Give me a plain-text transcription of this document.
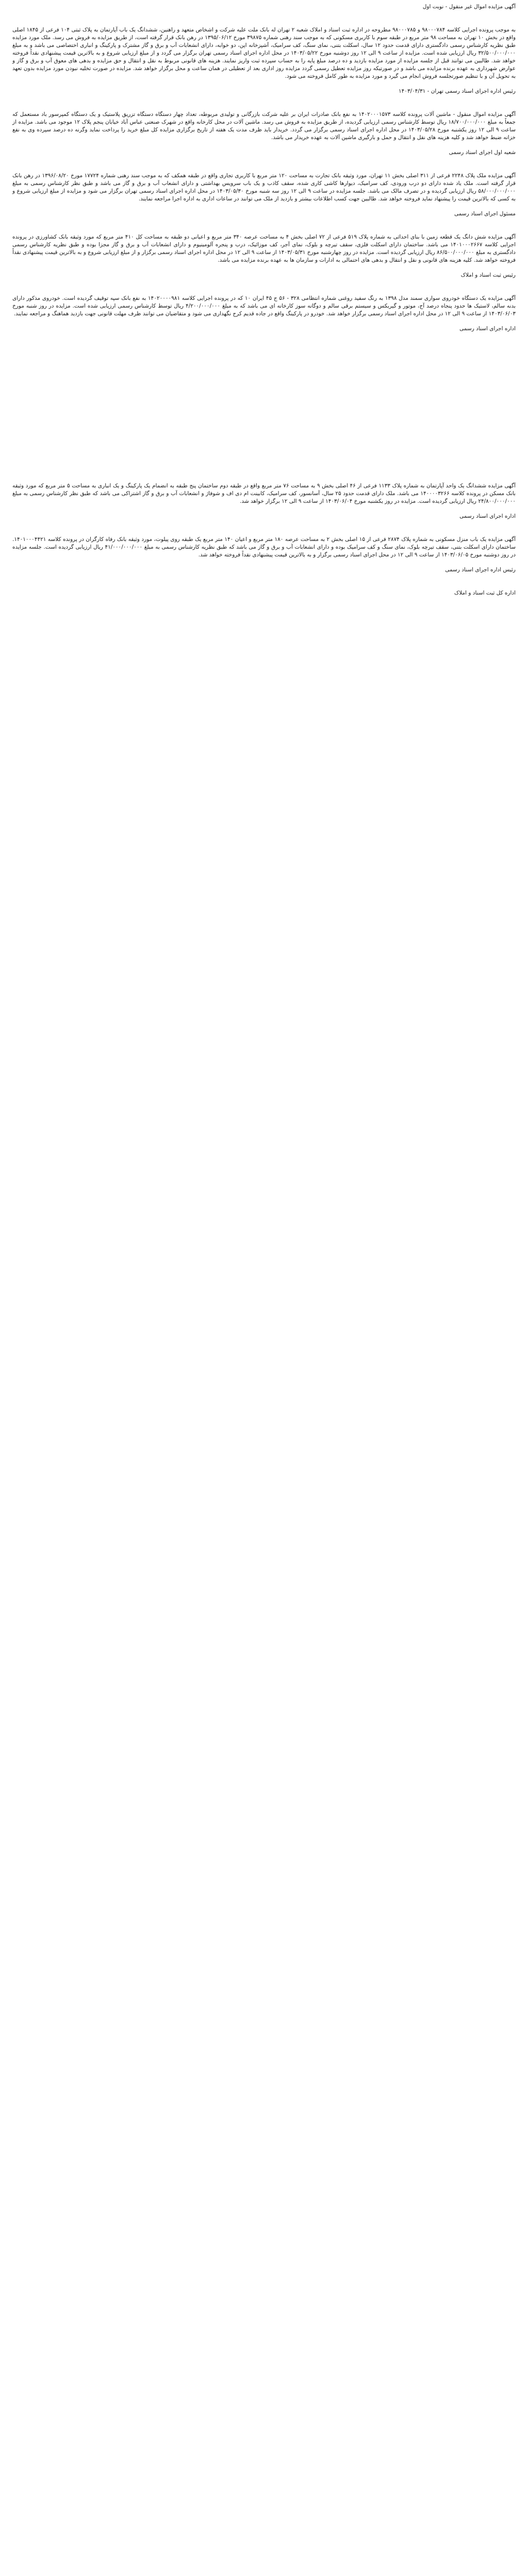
آگهی مزایده اموال غیر منقول - نوبت اول

به موجب پرونده اجرایی کلاسه ۹۸۰۰۰۷۸۴ و ۹۸۰۰۰۷۸۵ مطروحه در اداره ثبت اسناد و املاک شعبه ۲ تهران له بانک ملت علیه شرکت و اشخاص متعهد و راهنین، ششدانگ یک باب آپارتمان به پلاک ثبتی ۱۰۴ فرعی از ۱۸۴۵ اصلی واقع در بخش ۱۰ تهران به مساحت ۹۸ متر مربع در طبقه سوم با کاربری مسکونی که به موجب سند رهنی شماره ۳۹۸۷۵ مورخ ۱۳۹۵/۰۶/۱۲ در رهن بانک قرار گرفته است، از طریق مزایده به فروش می رسد. ملک مورد مزایده طبق نظریه کارشناس رسمی دادگستری دارای قدمت حدود ۱۲ سال، اسکلت بتنی، نمای سنگ، کف سرامیک، آشپزخانه اپن، دو خوابه، دارای انشعابات آب و برق و گاز مشترک و پارکینگ و انباری اختصاصی می باشد و به مبلغ ۳۲/۵۰۰/۰۰۰/۰۰۰ ریال ارزیابی شده است. مزایده از ساعت ۹ الی ۱۲ روز دوشنبه مورخ ۱۴۰۳/۰۵/۲۲ در محل اداره اجرای اسناد رسمی تهران برگزار می گردد و از مبلغ ارزیابی شروع و به بالاترین قیمت پیشنهادی نقداً فروخته خواهد شد. طالبین می توانند قبل از جلسه مزایده از مورد مزایده بازدید و ده درصد مبلغ پایه را به حساب سپرده ثبت واریز نمایند. هزینه های قانونی مربوط به نقل و انتقال و حق مزایده و بدهی های معوق آب و برق و گاز و عوارض شهرداری به عهده برنده مزایده می باشد و در صورتیکه روز مزایده تعطیل رسمی گردد مزایده روز اداری بعد از تعطیلی در همان ساعت و محل برگزار خواهد شد. مزایده در صورت تخلیه نبودن مورد مزایده بدون تعهد به تحویل آن و با تنظیم صورتجلسه فروش انجام می گیرد و مورد مزایده به طور کامل فروخته می شود.

رئیس اداره اجرای اسناد رسمی تهران - ۱۴۰۳/۰۴/۳۱

آگهی مزایده اموال منقول - ماشین آلات پرونده کلاسه ۱۴۰۲۰۰۰۱۵۷۳ به نفع بانک صادرات ایران بر علیه شرکت بازرگانی و تولیدی مربوطه، تعداد چهار دستگاه دستگاه تزریق پلاستیک و یک دستگاه کمپرسور باد مستعمل که جمعاً به مبلغ ۱۸/۷۰۰/۰۰۰/۰۰۰ ریال توسط کارشناس رسمی ارزیابی گردیده، از طریق مزایده به فروش می رسد. ماشین آلات در محل کارخانه واقع در شهرک صنعتی عباس آباد خیابان پنجم پلاک ۱۲ موجود می باشد. مزایده از ساعت ۹ الی ۱۲ روز یکشنبه مورخ ۱۴۰۳/۰۵/۲۸ در محل اداره اجرای اسناد رسمی برگزار می گردد. خریدار باید ظرف مدت یک هفته از تاریخ برگزاری مزایده کل مبلغ خرید را پرداخت نماید وگرنه ده درصد سپرده وی به نفع خزانه ضبط خواهد شد و کلیه هزینه های نقل و انتقال و حمل و بارگیری ماشین آلات به عهده خریدار می باشد.

شعبه اول اجرای اسناد رسمی

آگهی مزایده ملک پلاک ۲۲۴۸ فرعی از ۳۱۱ اصلی بخش ۱۱ تهران، مورد وثیقه بانک تجارت به مساحت ۱۲۰ متر مربع با کاربری تجاری واقع در طبقه همکف که به موجب سند رهنی شماره ۱۷۷۲۴ مورخ ۱۳۹۶/۰۸/۲۰ در رهن بانک قرار گرفته است. ملک یاد شده دارای دو درب ورودی، کف سرامیک، دیوارها کاشی کاری شده، سقف کاذب و یک باب سرویس بهداشتی و دارای انشعاب آب و برق و گاز می باشد و طبق نظر کارشناس رسمی به مبلغ ۵۸/۰۰۰/۰۰۰/۰۰۰ ریال ارزیابی گردیده و در تصرف مالک می باشد. جلسه مزایده در ساعت ۹ الی ۱۲ روز سه شنبه مورخ ۱۴۰۳/۰۵/۳۰ در محل اداره اجرای اسناد رسمی تهران برگزار می شود و مزایده از مبلغ ارزیابی شروع و به کسی که بالاترین قیمت را پیشنهاد نماید فروخته خواهد شد. طالبین جهت کسب اطلاعات بیشتر و بازدید از ملک می توانند در ساعات اداری به اداره اجرا مراجعه نمایند.

مسئول اجرای اسناد رسمی

آگهی مزایده شش دانگ یک قطعه زمین با بنای احداثی به شماره پلاک ۵۱۹ فرعی از ۷۲ اصلی بخش ۴ به مساحت عرصه ۳۴۰ متر مربع و اعیانی دو طبقه به مساحت کل ۴۱۰ متر مربع که مورد وثیقه بانک کشاورزی در پرونده اجرایی کلاسه ۱۴۰۱۰۰۰۲۶۶۷ می باشد. ساختمان دارای اسکلت فلزی، سقف تیرچه و بلوک، نمای آجر، کف موزائیک، درب و پنجره آلومینیوم و دارای انشعابات آب و برق و گاز مجزا بوده و طبق نظریه کارشناس رسمی دادگستری به مبلغ ۸۶/۵۰۰/۰۰۰/۰۰۰ ریال ارزیابی گردیده است. مزایده در روز چهارشنبه مورخ ۱۴۰۳/۰۵/۳۱ از ساعت ۹ الی ۱۲ در محل اداره اجرای اسناد رسمی برگزار و از مبلغ ارزیابی شروع و به بالاترین قیمت پیشنهادی نقداً فروخته خواهد شد. کلیه هزینه های قانونی و نقل و انتقال و بدهی های احتمالی به ادارات و سازمان ها به عهده برنده مزایده می باشد.

رئیس ثبت اسناد و املاک

آگهی مزایده یک دستگاه خودروی سواری سمند مدل ۱۳۹۸ به رنگ سفید روغنی شماره انتظامی ۳۲۸ - ۵۶ ج ۴۵ ایران ۱۰ که در پرونده اجرایی کلاسه ۱۴۰۲۰۰۰۰۹۸۱ به نفع بانک سپه توقیف گردیده است. خودروی مذکور دارای بدنه سالم، لاستیک ها حدود پنجاه درصد آج، موتور و گیربکس و سیستم برقی سالم و دوگانه سوز کارخانه ای می باشد که به مبلغ ۴/۲۰۰/۰۰۰/۰۰۰ ریال توسط کارشناس رسمی ارزیابی شده است. مزایده در روز شنبه مورخ ۱۴۰۳/۰۶/۰۳ از ساعت ۹ الی ۱۲ در محل اداره اجرای اسناد رسمی برگزار خواهد شد. خودرو در پارکینگ واقع در جاده قدیم کرج نگهداری می شود و متقاضیان می توانند ظرف مهلت قانونی جهت بازدید هماهنگ و مراجعه نمایند.

اداره اجرای اسناد رسمی

آگهی مزایده ششدانگ یک واحد آپارتمان به شماره پلاک ۱۱۳۳ فرعی از ۴۶ اصلی بخش ۹ به مساحت ۷۶ متر مربع واقع در طبقه دوم ساختمان پنج طبقه به انضمام یک پارکینگ و یک انباری به مساحت ۵ متر مربع که مورد وثیقه بانک مسکن در پرونده کلاسه ۱۴۰۰۰۰۳۲۶۶ می باشد. ملک دارای قدمت حدود ۲۵ سال، آسانسور، کف سرامیک، کابینت ام دی اف و شوفاژ و انشعابات آب و برق و گاز اشتراکی می باشد که طبق نظر کارشناس رسمی به مبلغ ۲۴/۸۰۰/۰۰۰/۰۰۰ ریال ارزیابی گردیده است. مزایده در روز یکشنبه مورخ ۱۴۰۳/۰۶/۰۴ از ساعت ۹ الی ۱۲ برگزار خواهد شد.

اداره اجرای اسناد رسمی

آگهی مزایده یک باب منزل مسکونی به شماره پلاک ۲۸۷۴ فرعی از ۱۵ اصلی بخش ۲ به مساحت عرصه ۱۸۰ متر مربع و اعیان ۱۴۰ متر مربع یک طبقه روی پیلوت، مورد وثیقه بانک رفاه کارگران در پرونده کلاسه ۱۴۰۱۰۰۰۴۴۲۱. ساختمان دارای اسکلت بتنی، سقف تیرچه بلوک، نمای سنگ و کف سرامیک بوده و دارای انشعابات آب و برق و گاز می باشد که طبق نظریه کارشناس رسمی به مبلغ ۴۱/۰۰۰/۰۰۰/۰۰۰ ریال ارزیابی گردیده است. جلسه مزایده در روز دوشنبه مورخ ۱۴۰۳/۰۶/۰۵ از ساعت ۹ الی ۱۲ در محل اجرای اسناد رسمی برگزار و به بالاترین قیمت پیشنهادی نقداً فروخته خواهد شد.

رئیس اداره اجرای اسناد رسمی

اداره کل ثبت اسناد و املاک
